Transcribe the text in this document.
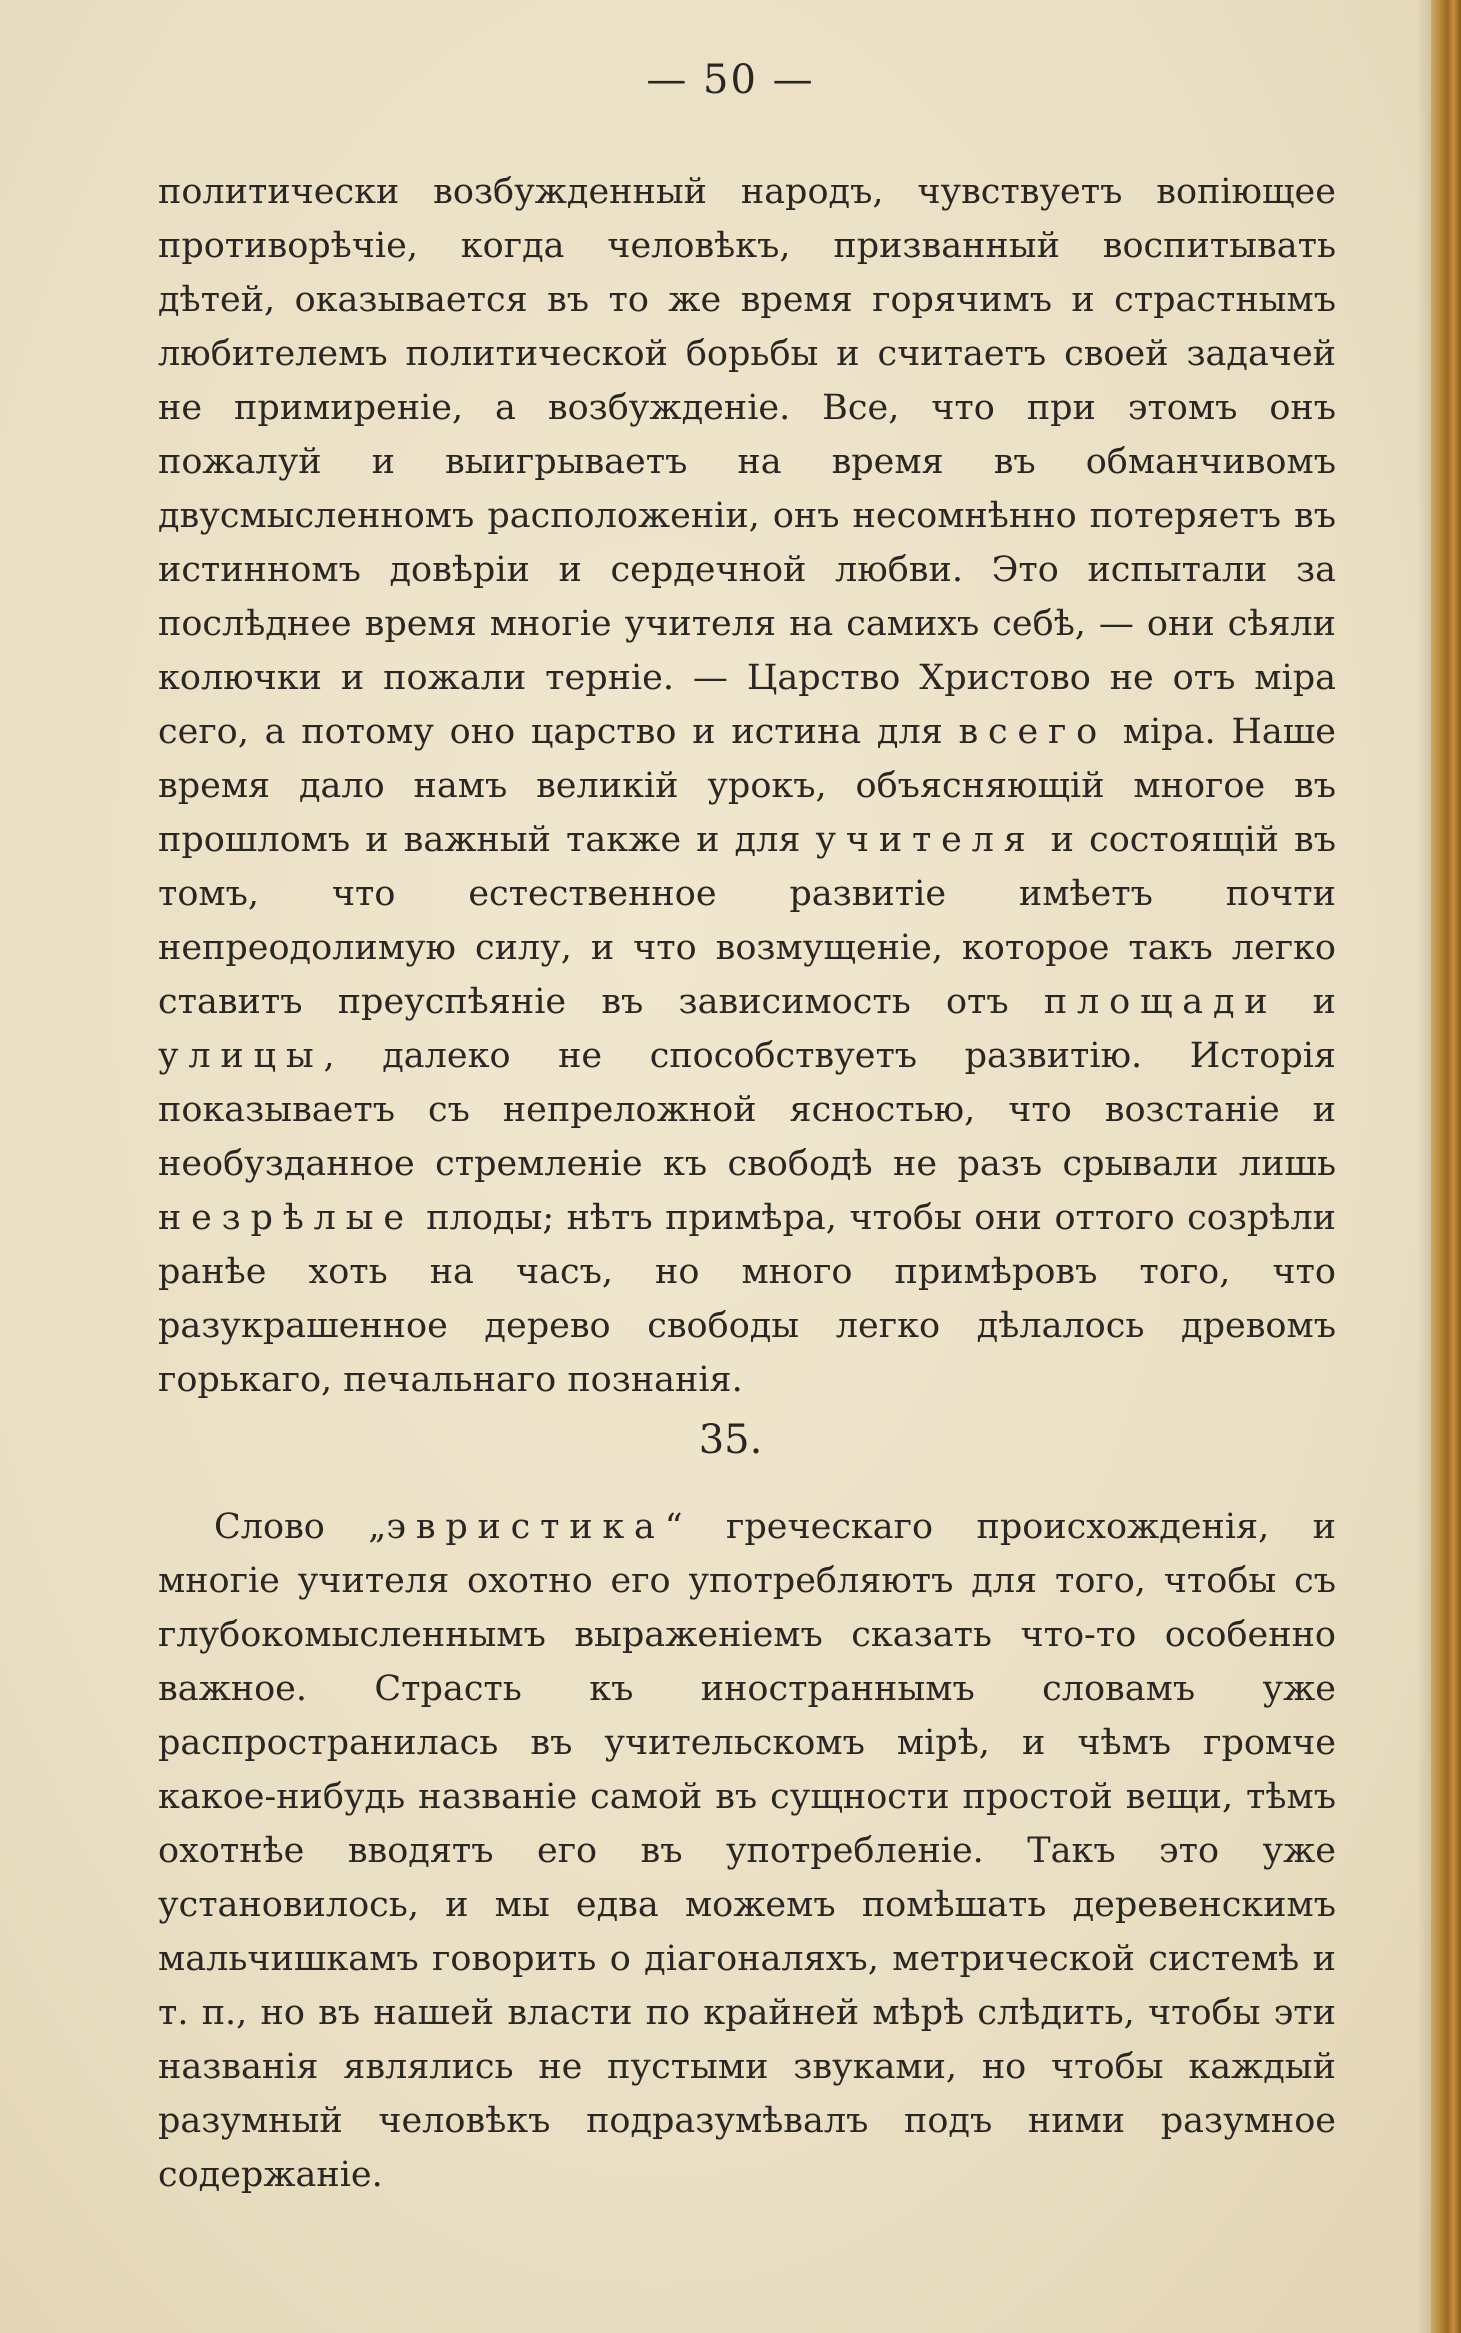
— 50 —

политически возбужденный народъ, чувствуетъ вопіющее противорѣчіе, когда человѣкъ, призванный воспитывать дѣтей, оказывается въ то же время горячимъ и страстнымъ любителемъ политической борьбы и считаетъ своей задачей не примиреніе, а возбужденіе. Все, что при этомъ онъ пожалуй и выигрываетъ на время въ обманчивомъ двусмысленномъ расположеніи, онъ несомнѣнно потеряетъ въ истинномъ довѣріи и сердечной любви. Это испытали за послѣднее время многіе учителя на самихъ себѣ, — они сѣяли колючки и пожали терніе. — Царство Христово не отъ міра сего, а потому оно царство и истина для всего міра. Наше время дало намъ великій урокъ, объясняющій многое въ прошломъ и важный также и для учителя и состоящій въ томъ, что естественное развитіе имѣетъ почти непреодолимую силу, и что возмущеніе, которое такъ легко ставитъ преуспѣяніе въ зависимость отъ площади и улицы, далеко не способствуетъ развитію. Исторія показываетъ съ непреложной ясностью, что возстаніе и необузданное стремленіе къ свободѣ не разъ срывали лишь незрѣлые плоды; нѣтъ примѣра, чтобы они оттого созрѣли ранѣе хоть на часъ, но много примѣровъ того, что разукрашенное дерево свободы легко дѣлалось древомъ горькаго, печальнаго познанія.

35.

Слово „эвристика“ греческаго происхожденія, и многіе учителя охотно его употребляютъ для того, чтобы съ глубокомысленнымъ выраженіемъ сказать что-то особенно важное. Страсть къ иностраннымъ словамъ уже распространилась въ учительскомъ мірѣ, и чѣмъ громче какое-нибудь названіе самой въ сущности простой вещи, тѣмъ охотнѣе вводятъ его въ употребленіе. Такъ это уже установилось, и мы едва можемъ помѣшать деревенскимъ мальчишкамъ говорить о діагоналяхъ, метрической системѣ и т. п., но въ нашей власти по крайней мѣрѣ слѣдить, чтобы эти названія являлись не пустыми звуками, но чтобы каждый разумный человѣкъ подразумѣвалъ подъ ними разумное содержаніе.
